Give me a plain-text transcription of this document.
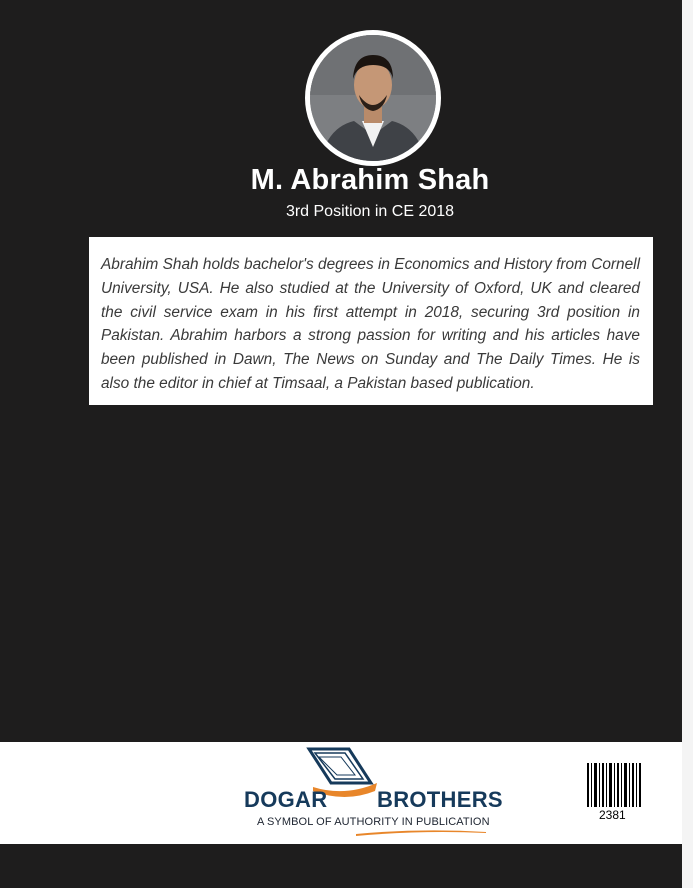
M. Abrahim Shah
3rd Position in CE 2018

Abrahim Shah holds bachelor's degrees in Economics and History from Cornell University, USA. He also studied at the University of Oxford, UK and cleared the civil service exam in his first attempt in 2018, securing 3rd position in Pakistan. Abrahim harbors a strong passion for writing and his articles have been published in Dawn, The News on Sunday and The Daily Times. He is also the editor in chief at Timsaal, a Pakistan based publication.

DOGAR BROTHERS
A SYMBOL OF AUTHORITY IN PUBLICATION	2381
